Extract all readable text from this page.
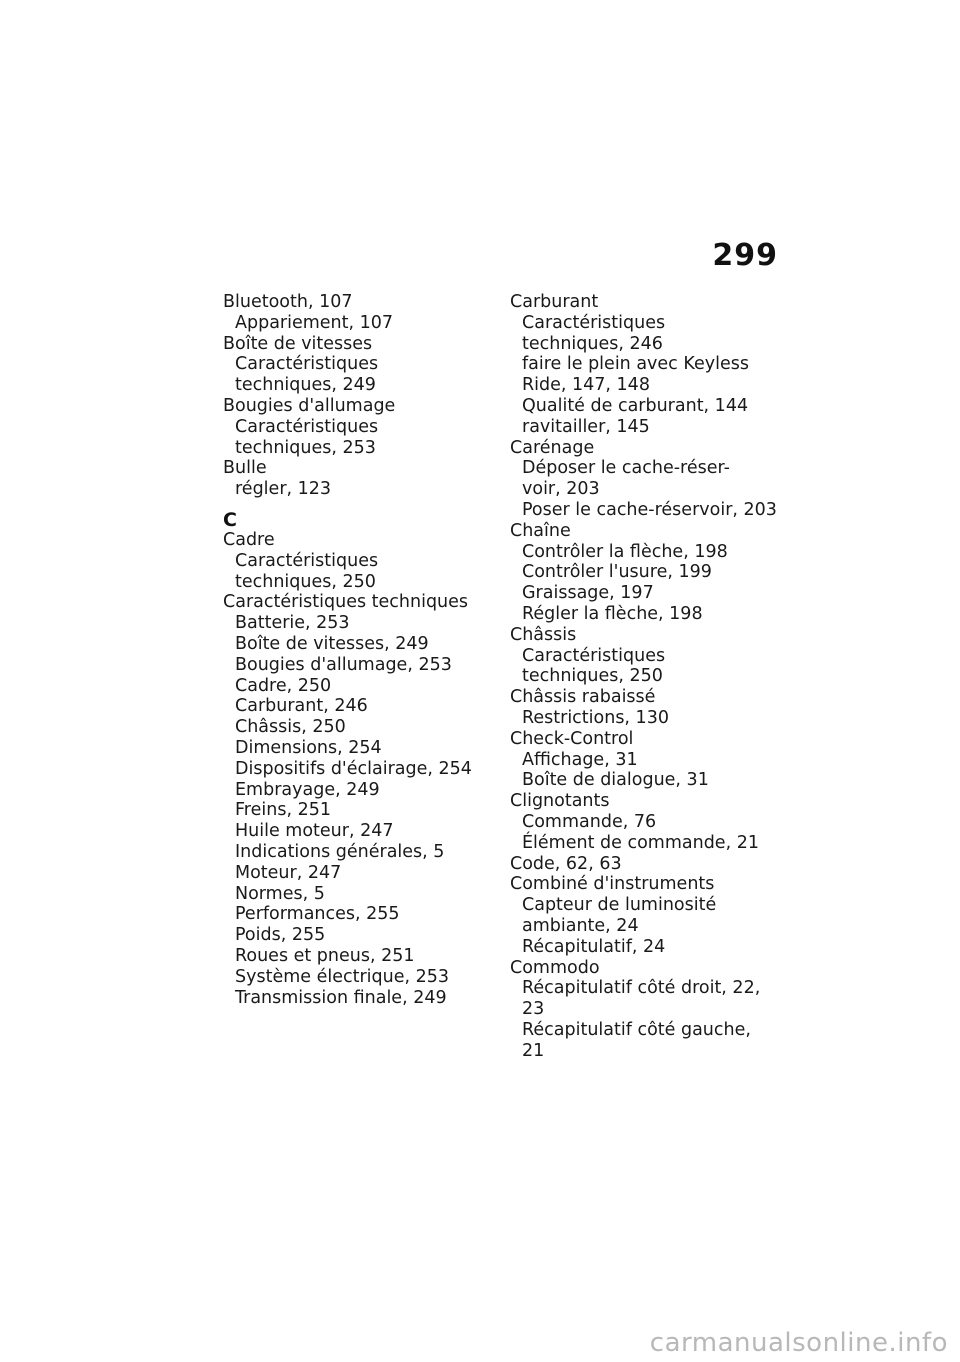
299
Bluetooth, 107
Appariement, 107
Boîte de vitesses
Caractéristiques
techniques, 249
Bougies d'allumage
Caractéristiques
techniques, 253
Bulle
régler, 123
C
Cadre
Caractéristiques
techniques, 250
Caractéristiques techniques
Batterie, 253
Boîte de vitesses, 249
Bougies d'allumage, 253
Cadre, 250
Carburant, 246
Châssis, 250
Dimensions, 254
Dispositifs d'éclairage, 254
Embrayage, 249
Freins, 251
Huile moteur, 247
Indications générales, 5
Moteur, 247
Normes, 5
Performances, 255
Poids, 255
Roues et pneus, 251
Système électrique, 253
Transmission finale, 249
Carburant
Caractéristiques
techniques, 246
faire le plein avec Keyless
Ride, 147, 148
Qualité de carburant, 144
ravitailler, 145
Carénage
Déposer le cache-réser-
voir, 203
Poser le cache-réservoir, 203
Chaîne
Contrôler la flèche, 198
Contrôler l'usure, 199
Graissage, 197
Régler la flèche, 198
Châssis
Caractéristiques
techniques, 250
Châssis rabaissé
Restrictions, 130
Check-Control
Affichage, 31
Boîte de dialogue, 31
Clignotants
Commande, 76
Élément de commande, 21
Code, 62, 63
Combiné d'instruments
Capteur de luminosité
ambiante, 24
Récapitulatif, 24
Commodo
Récapitulatif côté droit, 22,
23
Récapitulatif côté gauche, 21
carmanualsonline.info
